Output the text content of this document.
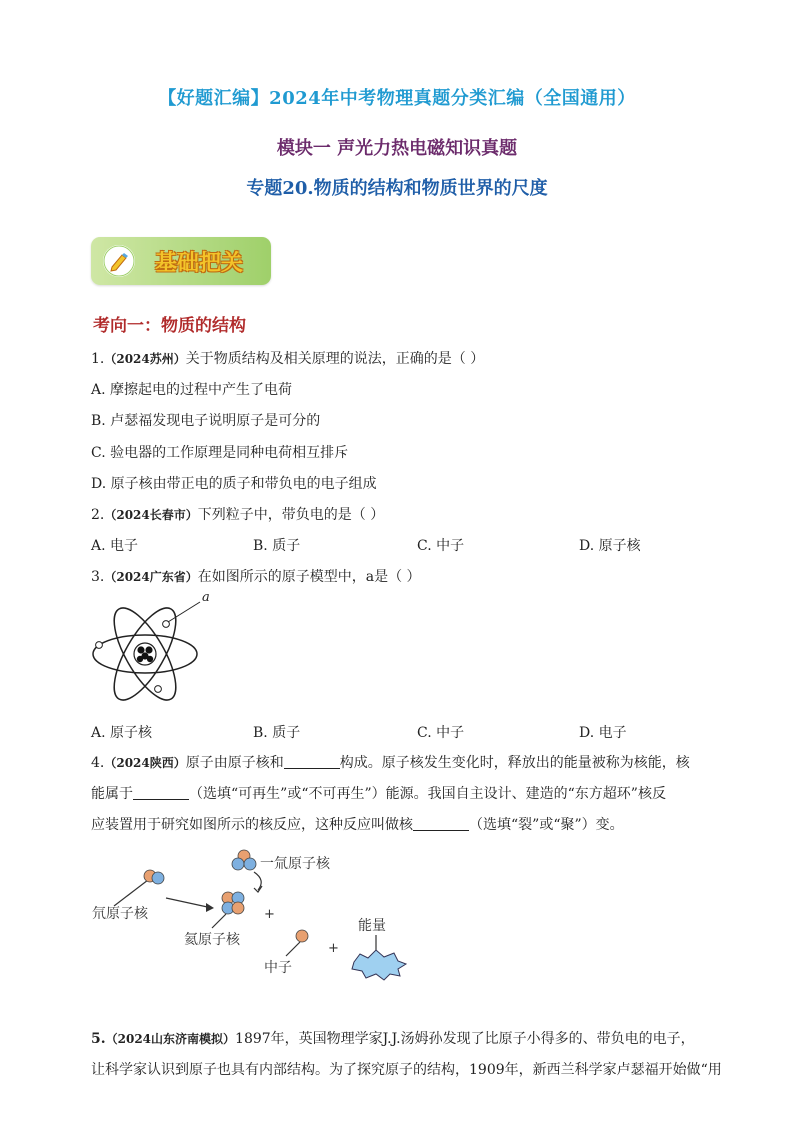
【好题汇编】2024年中考物理真题分类汇编（全国通用）
模块一 声光力热电磁知识真题
专题20.物质的结构和物质世界的尺度
基础把关
考向一：物质的结构
1.（2024苏州）关于物质结构及相关原理的说法，正确的是（ ）
A. 摩擦起电的过程中产生了电荷
B. 卢瑟福发现电子说明原子是可分的
C. 验电器的工作原理是同种电荷相互排斥
D. 原子核由带正电的质子和带负电的电子组成
2.（2024长春市）下列粒子中，带负电的是（ ）
A. 电子	B. 质子	C. 中子	D. 原子核
3.（2024广东省）在如图所示的原子模型中，a是（ ）
a
A. 原子核	B. 质子	C. 中子	D. 电子
4.（2024陕西）原子由原子核和	构成。原子核发生变化时，释放出的能量被称为核能，核
能属于	（选填“可再生”或“不可再生”）能源。我国自主设计、建造的“东方超环”核反
应装置用于研究如图所示的核反应，这种反应叫做核	（选填“裂”或“聚”）变。
氘原子核
一氚原子核
氦原子核
+
中子
+
能量
5.（2024山东济南模拟）1897年，英国物理学家J.J.汤姆孙发现了比原子小得多的、带负电的电子，
让科学家认识到原子也具有内部结构。为了探究原子的结构，1909年，新西兰科学家卢瑟福开始做“用
